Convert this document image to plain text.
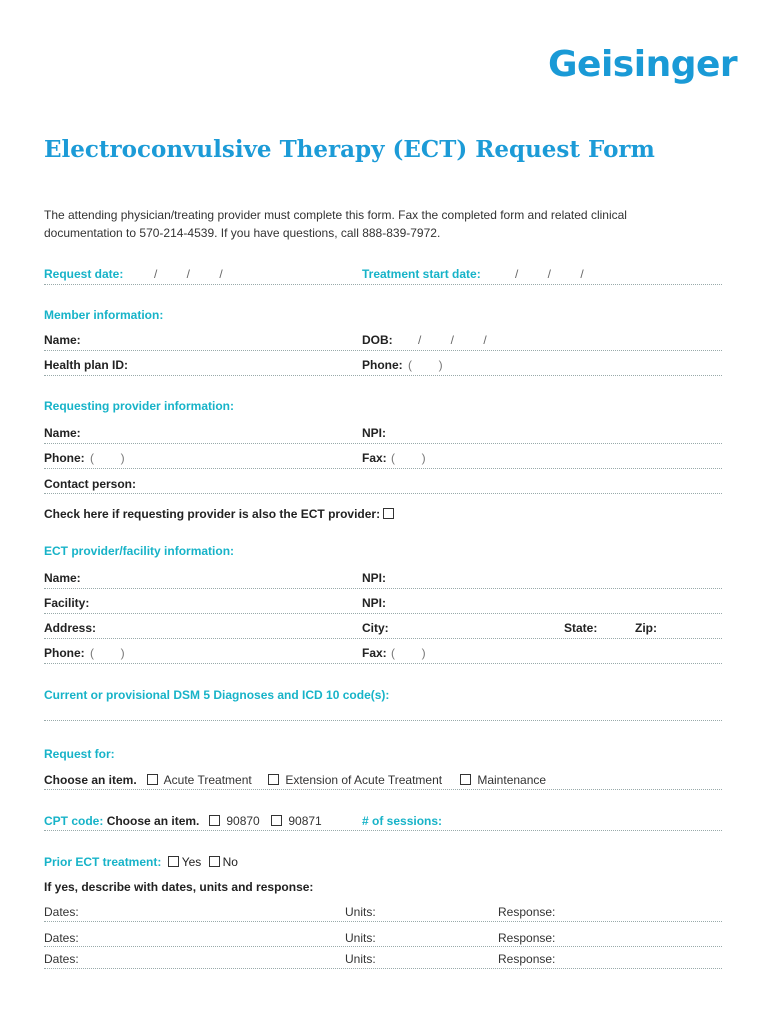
Geisinger
Electroconvulsive Therapy (ECT) Request Form
The attending physician/treating provider must complete this form. Fax the completed form and related clinical documentation to 570-214-4539. If you have questions, call 888-839-7972.
Request date:	/ / /	Treatment start date:	/ / /
Member information:
Name:	DOB: / / /
Health plan ID:	Phone: (        )
Requesting provider information:
Name:	NPI:
Phone: (        )	Fax: (        )
Contact person:
Check here if requesting provider is also the ECT provider:
ECT provider/facility information:
Name:	NPI:
Facility:	NPI:
Address:	City:	State:	Zip:
Phone: (        )	Fax: (        )
Current or provisional DSM 5 Diagnoses and ICD 10 code(s):
Request for:
Choose an item.	Acute Treatment	Extension of Acute Treatment	Maintenance
CPT code: Choose an item.	90870	90871	# of sessions:
Prior ECT treatment: Yes No
If yes, describe with dates, units and response:
Dates:	Units:	Response:
Dates:	Units:	Response:
Dates:	Units:	Response:
